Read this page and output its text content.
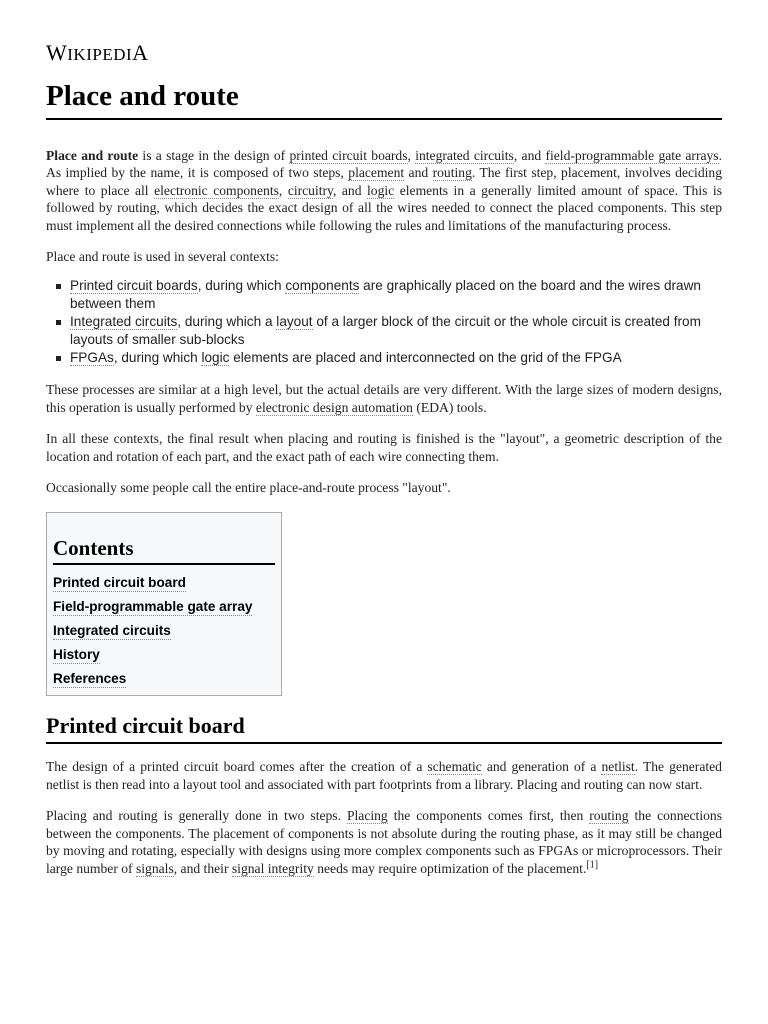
WIKIPEDIA
Place and route

Place and route is a stage in the design of printed circuit boards, integrated circuits, and field-programmable gate arrays. As implied by the name, it is composed of two steps, placement and routing. The first step, placement, involves deciding where to place all electronic components, circuitry, and logic elements in a generally limited amount of space. This is followed by routing, which decides the exact design of all the wires needed to connect the placed components. This step must implement all the desired connections while following the rules and limitations of the manufacturing process.

Place and route is used in several contexts:

Printed circuit boards, during which components are graphically placed on the board and the wires drawn between them
Integrated circuits, during which a layout of a larger block of the circuit or the whole circuit is created from layouts of smaller sub-blocks
FPGAs, during which logic elements are placed and interconnected on the grid of the FPGA

These processes are similar at a high level, but the actual details are very different. With the large sizes of modern designs, this operation is usually performed by electronic design automation (EDA) tools.

In all these contexts, the final result when placing and routing is finished is the "layout", a geometric description of the location and rotation of each part, and the exact path of each wire connecting them.

Occasionally some people call the entire place-and-route process "layout".

Contents
Printed circuit board
Field-programmable gate array
Integrated circuits
History
References
Printed circuit board

The design of a printed circuit board comes after the creation of a schematic and generation of a netlist. The generated netlist is then read into a layout tool and associated with part footprints from a library. Placing and routing can now start.

Placing and routing is generally done in two steps. Placing the components comes first, then routing the connections between the components. The placement of components is not absolute during the routing phase, as it may still be changed by moving and rotating, especially with designs using more complex components such as FPGAs or microprocessors. Their large number of signals, and their signal integrity needs may require optimization of the placement.[1]
